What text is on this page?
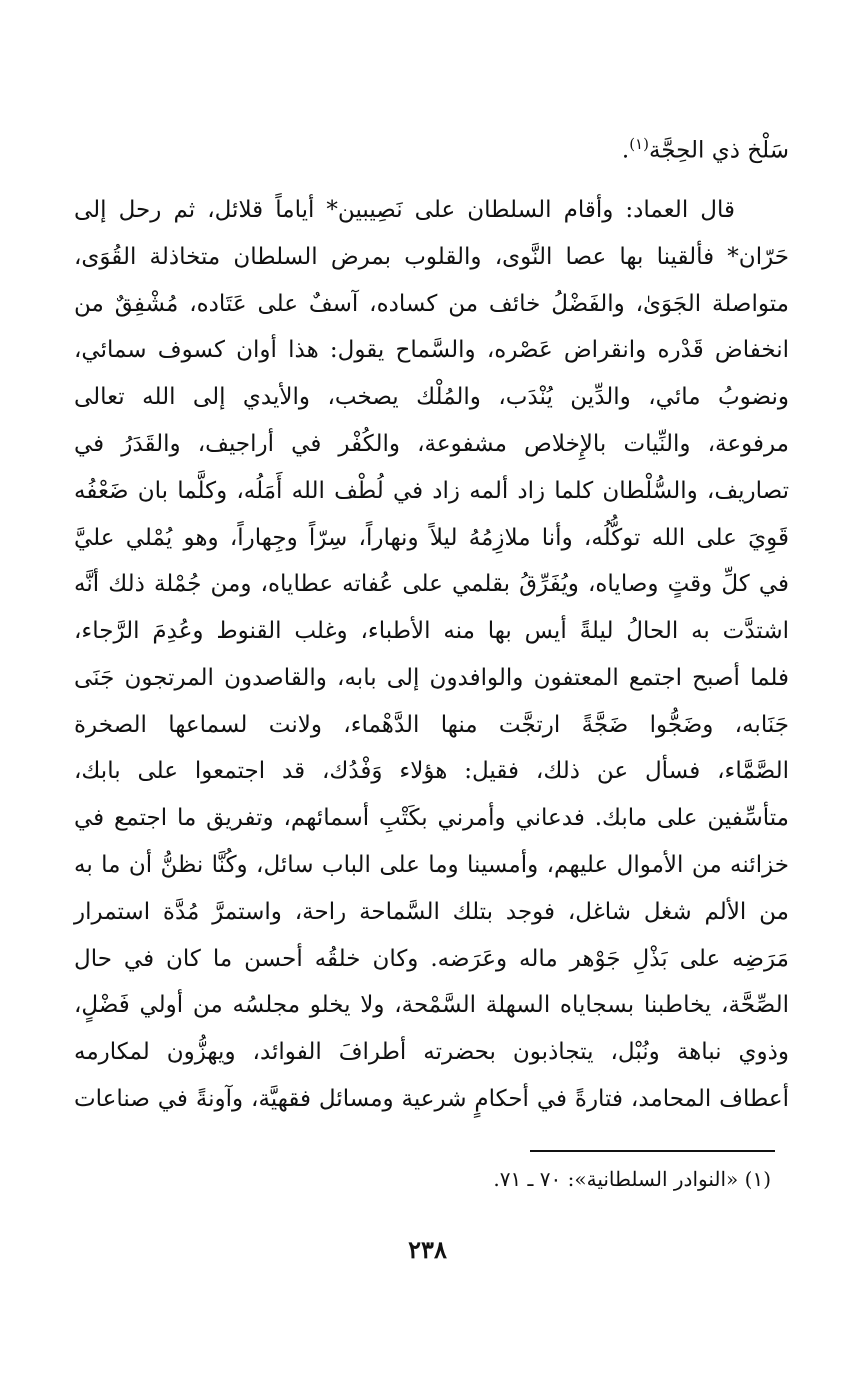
سَلْخ ذي الحِجَّة$^{(١)}$.
قال العماد: وأقام السلطان على نَصِيبين* أياماً قلائل، ثم رحل إلى
حَرّان* فألقينا بها عصا النَّوى، والقلوب بمرض السلطان متخاذلة القُوَى،
متواصلة الجَوَىٰ، والفَضْلُ خائف من كساده، آسفٌ على عَتَاده، مُشْفِقٌ من
انخفاض قَدْره وانقراض عَصْره، والسَّماح يقول: هذا أوان كسوف سمائي،
ونضوبُ مائي، والدِّين يُنْدَب، والمُلْك يصخب، والأيدي إلى الله تعالى
مرفوعة، والنِّيات بالإِخلاص مشفوعة، والكُفْر في أراجيف، والقَدَرُ في
تصاريف، والسُّلْطان كلما زاد ألمه زاد في لُطْف الله أَمَلُه، وكلَّما بان ضَعْفُه
قَوِيَ على الله توكُّلُه، وأنا ملازِمُهُ ليلاً ونهاراً، سِرّاً وجِهاراً، وهو يُمْلي عليَّ
في كلِّ وقتٍ وصاياه، ويُفَرِّقُ بقلمي على عُفاته عطاياه، ومن جُمْلة ذلك أنَّه
اشتدَّت به الحالُ ليلةً أيس بها منه الأطباء، وغلب القنوط وعُدِمَ الرَّجاء،
فلما أصبح اجتمع المعتفون والوافدون إلى بابه، والقاصدون المرتجون جَنَى
جَنَابه، وضَجُّوا ضَجَّةً ارتجَّت منها الدَّهْماء، ولانت لسماعها الصخرة
الصَّمَّاء، فسأل عن ذلك، فقيل: هؤلاء وَفْدُك، قد اجتمعوا على بابك،
متأسِّفين على مابك. فدعاني وأمرني بكَتْبِ أسمائهم، وتفريق ما اجتمع في
خزائنه من الأموال عليهم، وأمسينا وما على الباب سائل، وكُنَّا نظنُّ أن ما به
من الألم شغل شاغل، فوجد بتلك السَّماحة راحة، واستمرَّ مُدَّة استمرار
مَرَضِه على بَذْلِ جَوْهر ماله وعَرَضه. وكان خلقُه أحسن ما كان في حال
الصِّحَّة، يخاطبنا بسجاياه السهلة السَّمْحة، ولا يخلو مجلسُه من أولي فَضْلٍ،
وذوي نباهة ونُبْل، يتجاذبون بحضرته أطرافَ الفوائد، ويهزُّون لمكارمه
أعطاف المحامد، فتارةً في أحكامٍ شرعية ومسائل فقهيَّة، وآونةً في صناعات
(١) «النوادر السلطانية»: ٧٠ ـ ٧١.
٢٣٨
